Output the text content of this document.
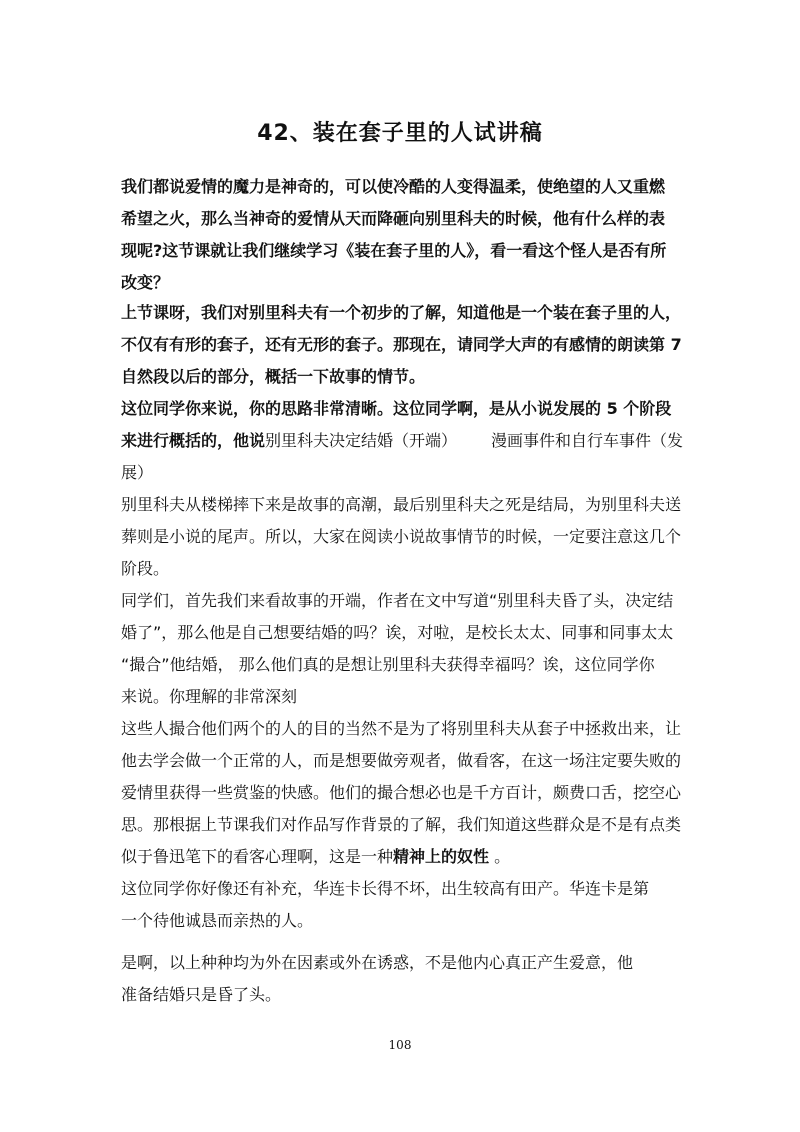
42、装在套子里的人试讲稿
我们都说爱情的魔力是神奇的，可以使冷酷的人变得温柔，使绝望的人又重燃
希望之火，那么当神奇的爱情从天而降砸向别里科夫的时候，他有什么样的表
现呢?这节课就让我们继续学习《装在套子里的人》，看一看这个怪人是否有所
改变？
上节课呀，我们对别里科夫有一个初步的了解，知道他是一个装在套子里的人，
不仅有有形的套子，还有无形的套子。那现在，请同学大声的有感情的朗读第 7
自然段以后的部分，概括一下故事的情节。
这位同学你来说，你的思路非常清晰。这位同学啊，是从小说发展的 5 个阶段
来进行概括的，他说别里科夫决定结婚（开端） 漫画事件和自行车事件（发
展）
别里科夫从楼梯摔下来是故事的高潮，最后别里科夫之死是结局，为别里科夫送
葬则是小说的尾声。所以，大家在阅读小说故事情节的时候，一定要注意这几个
阶段。
同学们，首先我们来看故事的开端，作者在文中写道“别里科夫昏了头，决定结
婚了”，那么他是自己想要结婚的吗？诶，对啦，是校长太太、同事和同事太太
“撮合”他结婚， 那么他们真的是想让别里科夫获得幸福吗？诶，这位同学你
来说。你理解的非常深刻
这些人撮合他们两个的人的目的当然不是为了将别里科夫从套子中拯救出来，让
他去学会做一个正常的人，而是想要做旁观者，做看客，在这一场注定要失败的
爱情里获得一些赏鉴的快感。他们的撮合想必也是千方百计，颇费口舌，挖空心
思。那根据上节课我们对作品写作背景的了解，我们知道这些群众是不是有点类
似于鲁迅笔下的看客心理啊，这是一种精神上的奴性 。
这位同学你好像还有补充，华连卡长得不坏，出生较高有田产。华连卡是第
一个待他诚恳而亲热的人。
是啊，以上种种均为外在因素或外在诱惑，不是他内心真正产生爱意，他
准备结婚只是昏了头。
108
